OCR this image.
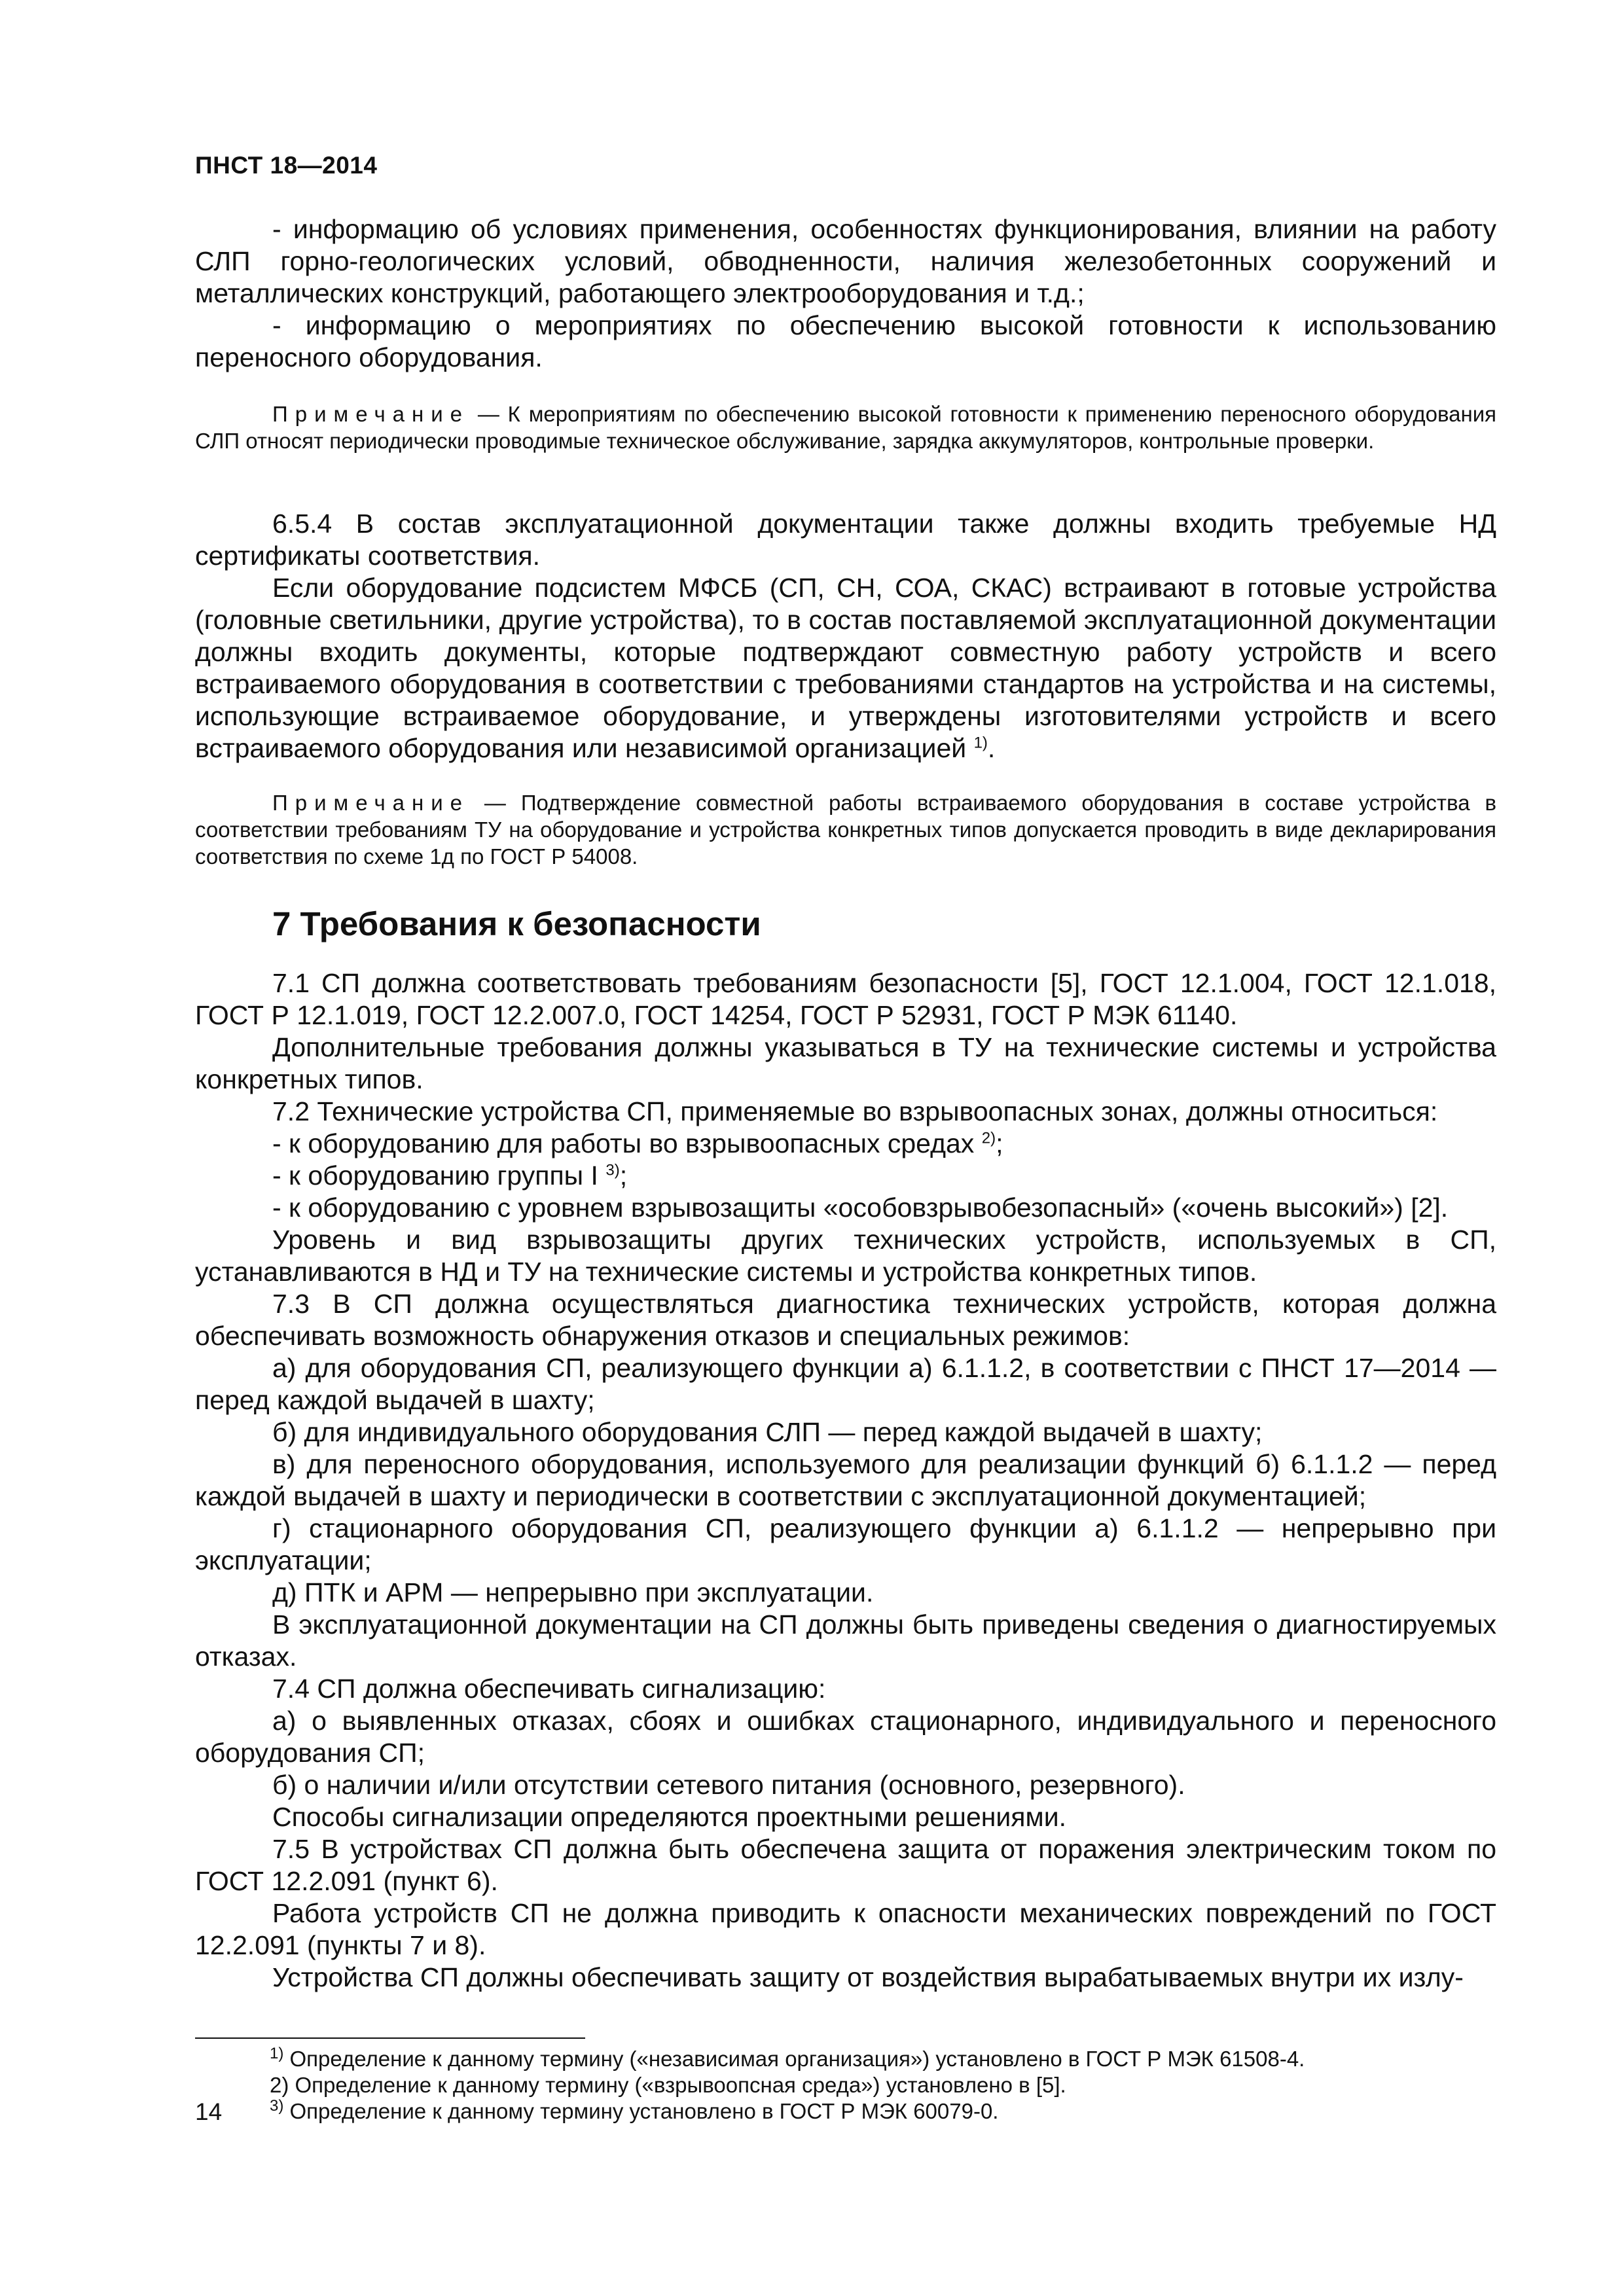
ПНСТ 18—2014

- информацию об условиях применения, особенностях функционирования, влиянии на работу СЛП горно-геологических условий, обводненности, наличия железобетонных сооружений и металлических конструкций, работающего электрооборудования и т.д.;

- информацию о мероприятиях по обеспечению высокой готовности к использованию переносного оборудования.

Примечание — К мероприятиям по обеспечению высокой готовности к применению переносного оборудования СЛП относят периодически проводимые техническое обслуживание, зарядка аккумуляторов, контрольные проверки.

6.5.4 В состав эксплуатационной документации также должны входить требуемые НД сертификаты соответствия.

Если оборудование подсистем МФСБ (СП, СН, СОА, СКАС) встраивают в готовые устройства (головные светильники, другие устройства), то в состав поставляемой эксплуатационной документации должны входить документы, которые подтверждают совместную работу устройств и всего встраиваемого оборудования в соответствии с требованиями стандартов на устройства и на системы, использующие встраиваемое оборудование, и утверждены изготовителями устройств и всего встраиваемого оборудования или независимой организацией $^{1)}$.

Примечание — Подтверждение совместной работы встраиваемого оборудования в составе устройства в соответствии требованиям ТУ на оборудование и устройства конкретных типов допускается проводить в виде декларирования соответствия по схеме 1д по ГОСТ Р 54008.

7 Требования к безопасности

7.1 СП должна соответствовать требованиям безопасности [5], ГОСТ 12.1.004, ГОСТ 12.1.018, ГОСТ Р 12.1.019, ГОСТ 12.2.007.0, ГОСТ 14254, ГОСТ Р 52931, ГОСТ Р МЭК 61140.

Дополнительные требования должны указываться в ТУ на технические системы и устройства конкретных типов.

7.2 Технические устройства СП, применяемые во взрывоопасных зонах, должны относиться:

- к оборудованию для работы во взрывоопасных средах $^{2)}$;

- к оборудованию группы I $^{3)}$;

- к оборудованию с уровнем взрывозащиты «особовзрывобезопасный» («очень высокий») [2].

Уровень и вид взрывозащиты других технических устройств, используемых в СП, устанавливаются в НД и ТУ на технические системы и устройства конкретных типов.

7.3 В СП должна осуществляться диагностика технических устройств, которая должна обеспечивать возможность обнаружения отказов и специальных режимов:

а) для оборудования СП, реализующего функции а) 6.1.1.2, в соответствии с ПНСТ 17—2014 — перед каждой выдачей в шахту;

б) для индивидуального оборудования СЛП — перед каждой выдачей в шахту;

в) для переносного оборудования, используемого для реализации функций б) 6.1.1.2 — перед каждой выдачей в шахту и периодически в соответствии с эксплуатационной документацией;

г) стационарного оборудования СП, реализующего функции а) 6.1.1.2 — непрерывно при эксплуатации;

д) ПТК и АРМ — непрерывно при эксплуатации.

В эксплуатационной документации на СП должны быть приведены сведения о диагностируемых отказах.

7.4 СП должна обеспечивать сигнализацию:

а) о выявленных отказах, сбоях и ошибках стационарного, индивидуального и переносного оборудования СП;

б) о наличии и/или отсутствии сетевого питания (основного, резервного).

Способы сигнализации определяются проектными решениями.

7.5 В устройствах СП должна быть обеспечена защита от поражения электрическим током по ГОСТ 12.2.091 (пункт 6).

Работа устройств СП не должна приводить к опасности механических повреждений по ГОСТ 12.2.091 (пункты 7 и 8).

Устройства СП должны обеспечивать защиту от воздействия вырабатываемых внутри их излу-

$^{1)}$ Определение к данному термину («независимая организация») установлено в ГОСТ Р МЭК 61508-4.
2) Определение к данному термину («взрывоопсная среда») установлено в [5].
$^{3)}$ Определение к данному термину установлено в ГОСТ Р МЭК 60079-0.
14
